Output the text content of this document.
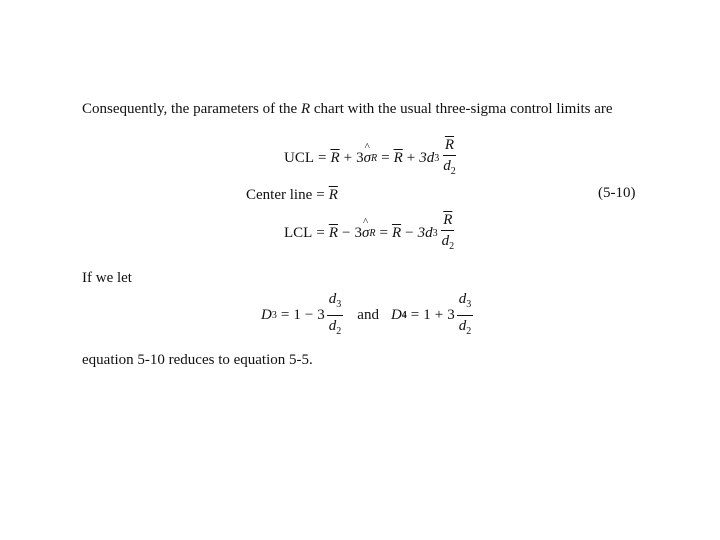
Consequently, the parameters of the R chart with the usual three-sigma control limits are
UCL = $\overline{R} + 3$ ^ σ $R = \overline{R} + 3d$ $3 \frac{\overline{R}}{d_2}$
Center line = $\overline{R}$	(5-10)
LCL = $\overline{R} - 3$ ^ σ $R = \overline{R} - 3d$ $3 \frac{\overline{R}}{d_2}$
If we let
D $3 = 1 - 3 \frac{d_3}{d_2}$ and D $4 = 1 + 3 \frac{d_3}{d_2}$
equation 5-10 reduces to equation 5-5.
